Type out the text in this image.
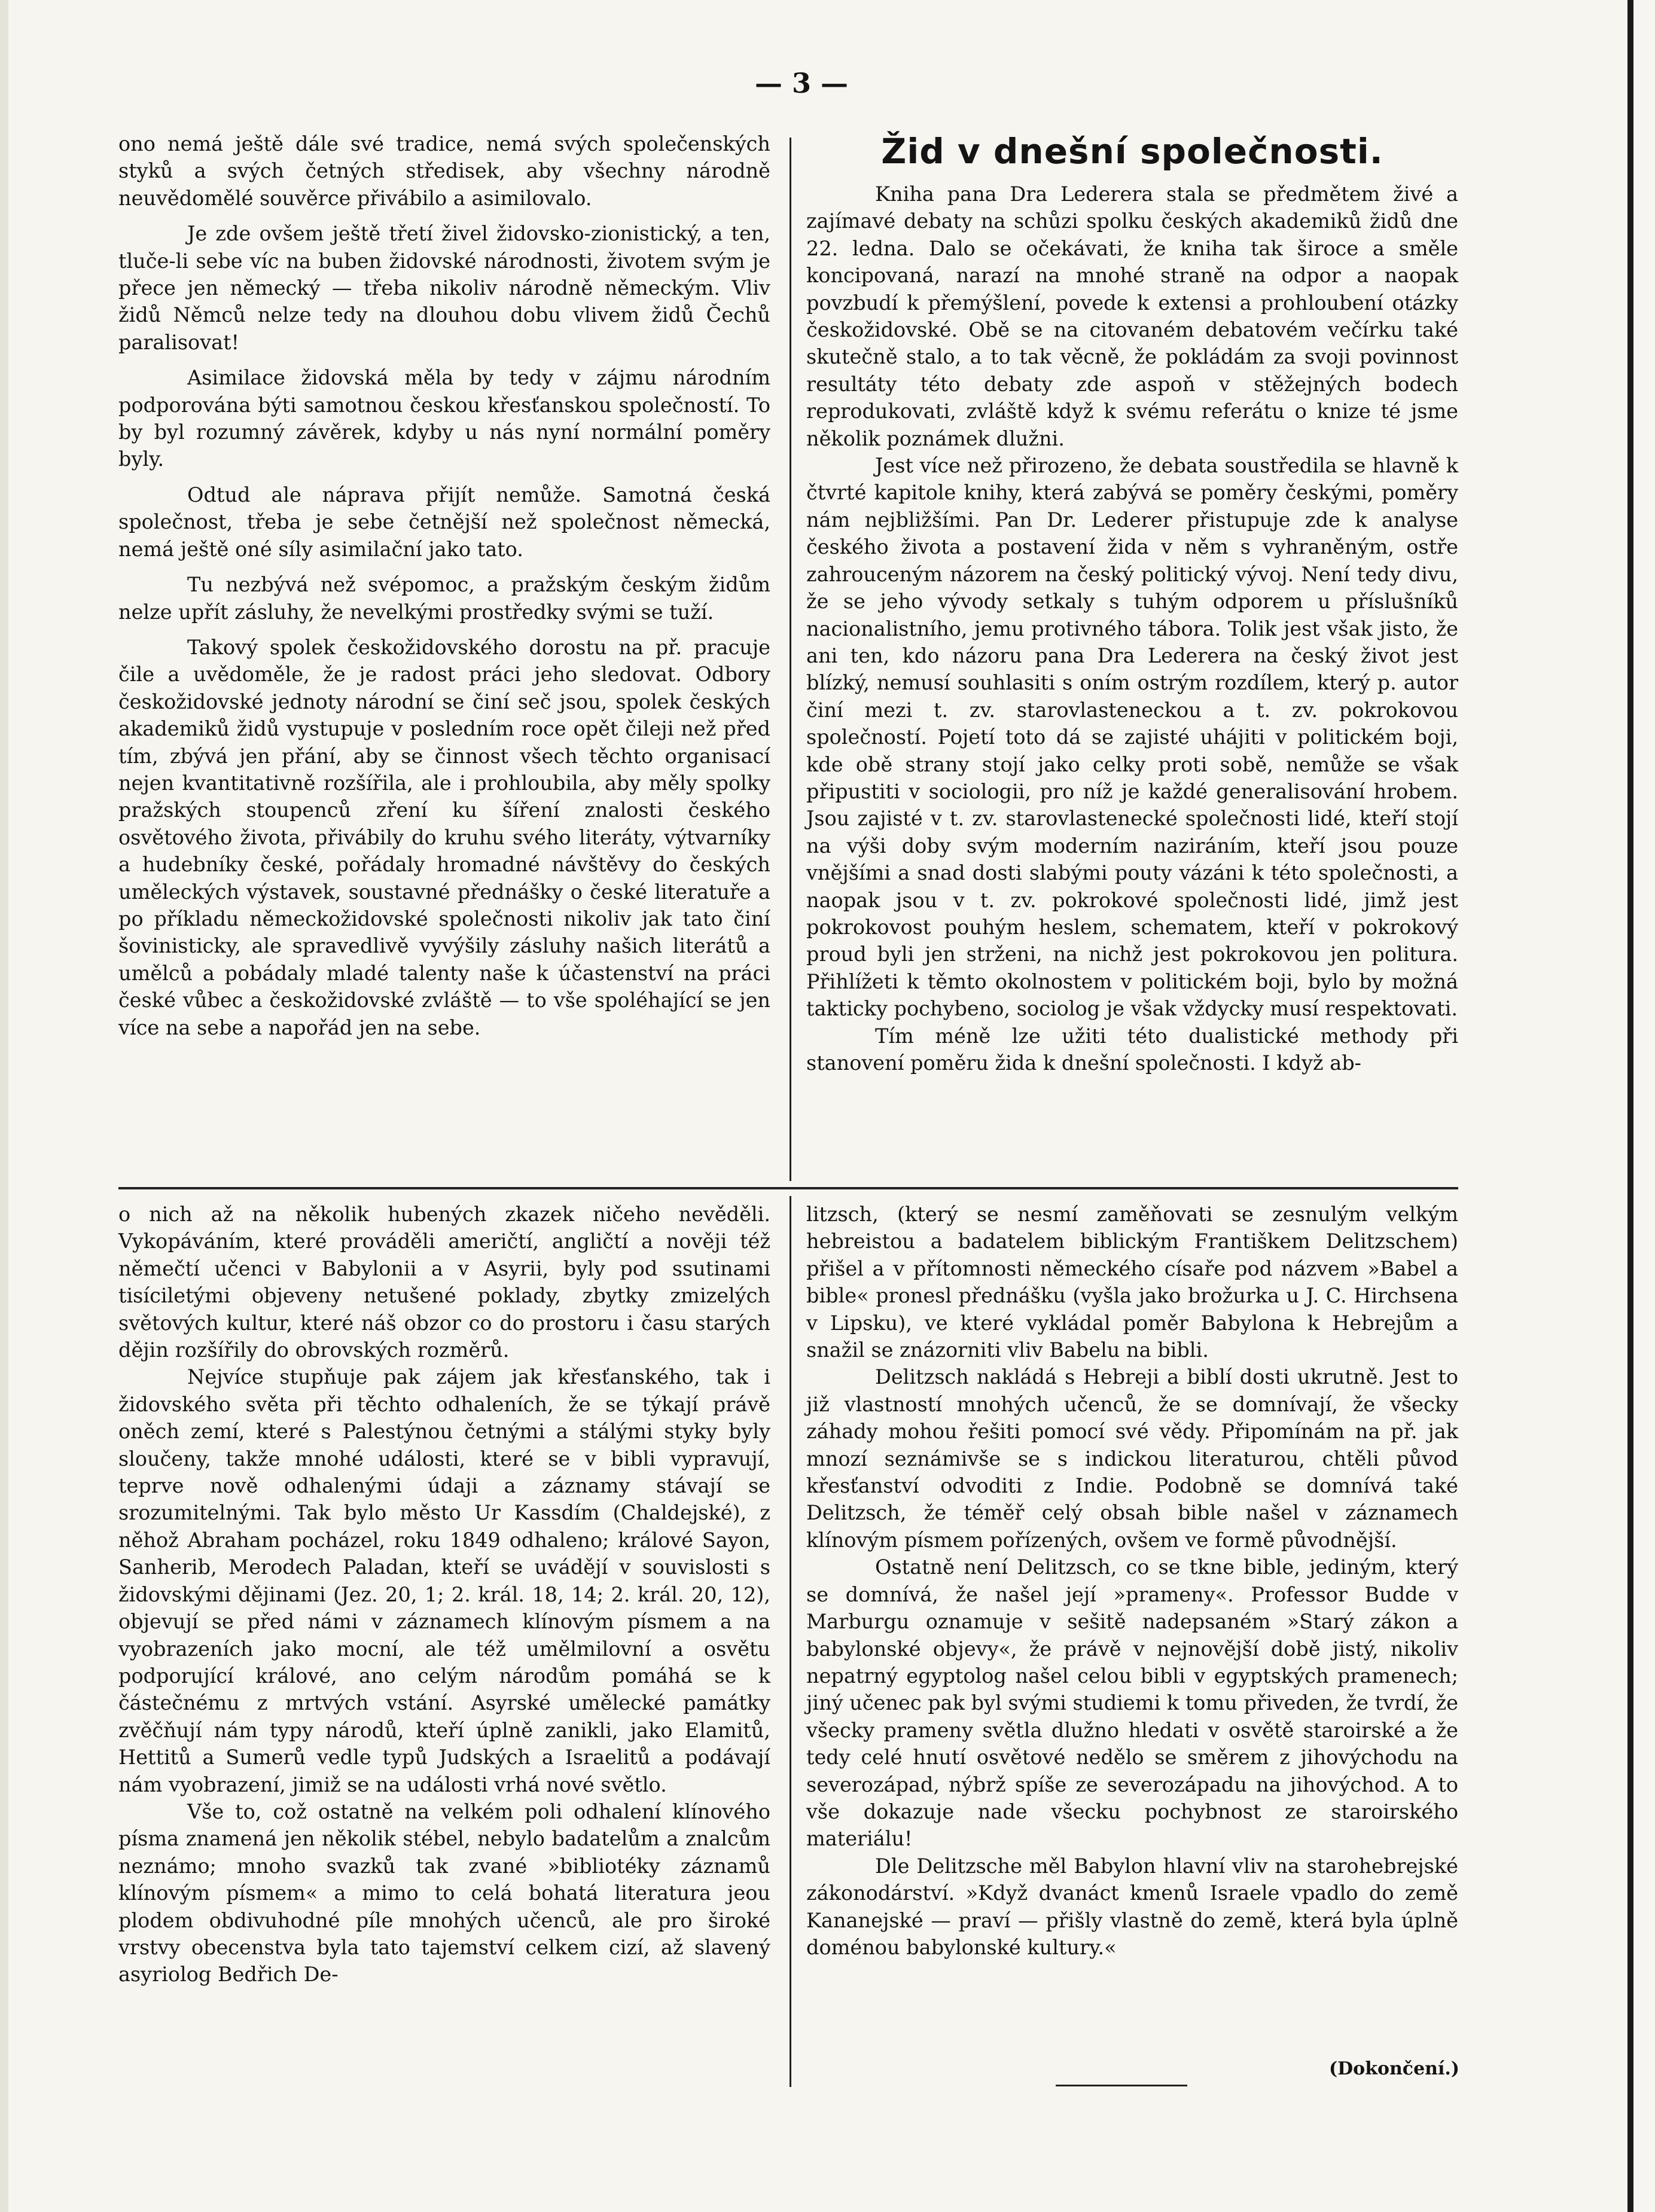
— 3 —

ono nemá ještě dále své tradice, nemá svých společenských styků a svých četných středisek, aby všechny národně neuvědomělé souvěrce přivábilo a asimilovalo.

Je zde ovšem ještě třetí živel židovsko-zionistický, a ten, tluče-li sebe víc na buben židovské národnosti, životem svým je přece jen německý — třeba nikoliv národně německým. Vliv židů Němců nelze tedy na dlouhou dobu vlivem židů Čechů paralisovat!

Asimilace židovská měla by tedy v zájmu národním podporována býti samotnou českou křesťanskou společností. To by byl rozumný závěrek, kdyby u nás nyní normální poměry byly.

Odtud ale náprava přijít nemůže. Samotná česká společnost, třeba je sebe četnější než společnost německá, nemá ještě oné síly asimilační jako tato.

Tu nezbývá než svépomoc, a pražským českým židům nelze upřít zásluhy, že nevelkými prostředky svými se tuží.

Takový spolek českožidovského dorostu na př. pracuje čile a uvědoměle, že je radost práci jeho sledovat. Odbory českožidovské jednoty národní se činí seč jsou, spolek českých akademiků židů vystupuje v posledním roce opět čileji než před tím, zbývá jen přání, aby se činnost všech těchto organisací nejen kvantitativně rozšířila, ale i prohloubila, aby měly spolky pražských stoupenců zření ku šíření znalosti českého osvětového života, přivábily do kruhu svého literáty, výtvarníky a hudebníky české, pořádaly hromadné návštěvy do českých uměleckých výstavek, soustavné přednášky o české literatuře a po příkladu německožidovské společnosti nikoliv jak tato činí šovinisticky, ale spravedlivě vyvýšily zásluhy našich literátů a umělců a pobádaly mladé talenty naše k účastenství na práci české vůbec a českožidovské zvláště — to vše spoléhající se jen více na sebe a napořád jen na sebe.

Žid v dnešní společnosti.

Kniha pana Dra Lederera stala se předmětem živé a zajímavé debaty na schůzi spolku českých akademiků židů dne 22. ledna. Dalo se očekávati, že kniha tak široce a směle koncipovaná, narazí na mnohé straně na odpor a naopak povzbudí k přemýšlení, povede k extensi a prohloubení otázky českožidovské. Obě se na citovaném debatovém večírku také skutečně stalo, a to tak věcně, že pokládám za svoji povinnost resultáty této debaty zde aspoň v stěžejných bodech reprodukovati, zvláště když k svému referátu o knize té jsme několik poznámek dlužni.

Jest více než přirozeno, že debata soustředila se hlavně k čtvrté kapitole knihy, která zabývá se poměry českými, poměry nám nejbližšími. Pan Dr. Lederer přistupuje zde k analyse českého života a postavení žida v něm s vyhraněným, ostře zahrouceným názorem na český politický vývoj. Není tedy divu, že se jeho vývody setkaly s tuhým odporem u příslušníků nacionalistního, jemu protivného tábora. Tolik jest však jisto, že ani ten, kdo názoru pana Dra Lederera na český život jest blízký, nemusí souhlasiti s oním ostrým rozdílem, který p. autor činí mezi t. zv. starovlasteneckou a t. zv. pokrokovou společností. Pojetí toto dá se zajisté uhájiti v politickém boji, kde obě strany stojí jako celky proti sobě, nemůže se však připustiti v sociologii, pro níž je každé generalisování hrobem. Jsou zajisté v t. zv. starovlastenecké společnosti lidé, kteří stojí na výši doby svým moderním naziráním, kteří jsou pouze vnějšími a snad dosti slabými pouty vázáni k této společnosti, a naopak jsou v t. zv. pokrokové společnosti lidé, jimž jest pokrokovost pouhým heslem, schematem, kteří v pokrokový proud byli jen strženi, na nichž jest pokrokovou jen politura. Přihlížeti k těmto okolnostem v politickém boji, bylo by možná takticky pochybeno, sociolog je však vždycky musí respektovati.

Tím méně lze užiti této dualistické methody při stanovení poměru žida k dnešní společnosti. I když ab-

o nich až na několik hubených zkazek ničeho nevěděli. Vykopáváním, které prováděli američtí, angličtí a nověji též němečtí učenci v Babylonii a v Asyrii, byly pod ssutinami tisíciletými objeveny netušené poklady, zbytky zmizelých světových kultur, které náš obzor co do prostoru i času starých dějin rozšířily do obrovských rozměrů.

Nejvíce stupňuje pak zájem jak křesťanského, tak i židovského světa při těchto odhaleních, že se týkají právě oněch zemí, které s Palestýnou četnými a stálými styky byly sloučeny, takže mnohé události, které se v bibli vypravují, teprve nově odhalenými údaji a záznamy stávají se srozumitelnými. Tak bylo město Ur Kassdím (Chaldejské), z něhož Abraham pocházel, roku 1849 odhaleno; králové Sayon, Sanherib, Merodech Paladan, kteří se uvádějí v souvislosti s židovskými dějinami (Jez. 20, 1; 2. král. 18, 14; 2. král. 20, 12), objevují se před námi v záznamech klínovým písmem a na vyobrazeních jako mocní, ale též umělmilovní a osvětu podporující králové, ano celým národům pomáhá se k částečnému z mrtvých vstání. Asyrské umělecké památky zvěčňují nám typy národů, kteří úplně zanikli, jako Elamitů, Hettitů a Sumerů vedle typů Judských a Israelitů a podávají nám vyobrazení, jimiž se na události vrhá nové světlo.

Vše to, což ostatně na velkém poli odhalení klínového písma znamená jen několik stébel, nebylo badatelům a znalcům neznámo; mnoho svazků tak zvané »bibliotéky záznamů klínovým písmem« a mimo to celá bohatá literatura jeou plodem obdivuhodné píle mnohých učenců, ale pro široké vrstvy obecenstva byla tato tajemství celkem cizí, až slavený asyriolog Bedřich De-

litzsch, (který se nesmí zaměňovati se zesnulým velkým hebreistou a badatelem biblickým Františkem Delitzschem) přišel a v přítomnosti německého císaře pod názvem »Babel a bible« pronesl přednášku (vyšla jako brožurka u J. C. Hirchsena v Lipsku), ve které vykládal poměr Babylona k Hebrejům a snažil se znázorniti vliv Babelu na bibli.

Delitzsch nakládá s Hebreji a biblí dosti ukrutně. Jest to již vlastností mnohých učenců, že se domnívají, že všecky záhady mohou řešiti pomocí své vědy. Připomínám na př. jak mnozí seznámivše se s indickou literaturou, chtěli původ křesťanství odvoditi z Indie. Podobně se domnívá také Delitzsch, že téměř celý obsah bible našel v záznamech klínovým písmem pořízených, ovšem ve formě původnější.

Ostatně není Delitzsch, co se tkne bible, jediným, který se domnívá, že našel její »prameny«. Professor Budde v Marburgu oznamuje v sešitě nadepsaném »Starý zákon a babylonské objevy«, že právě v nejnovější době jistý, nikoliv nepatrný egyptolog našel celou bibli v egyptských pramenech; jiný učenec pak byl svými studiemi k tomu přiveden, že tvrdí, že všecky prameny světla dlužno hledati v osvětě staroirské a že tedy celé hnutí osvětové nedělo se směrem z jihovýchodu na severozápad, nýbrž spíše ze severozápadu na jihovýchod. A to vše dokazuje nade všecku pochybnost ze staroirského materiálu!

Dle Delitzsche měl Babylon hlavní vliv na starohebrejské zákonodárství. »Když dvanáct kmenů Israele vpadlo do země Kananejské — praví — přišly vlastně do země, která byla úplně doménou babylonské kultury.«

(Dokončení.)
